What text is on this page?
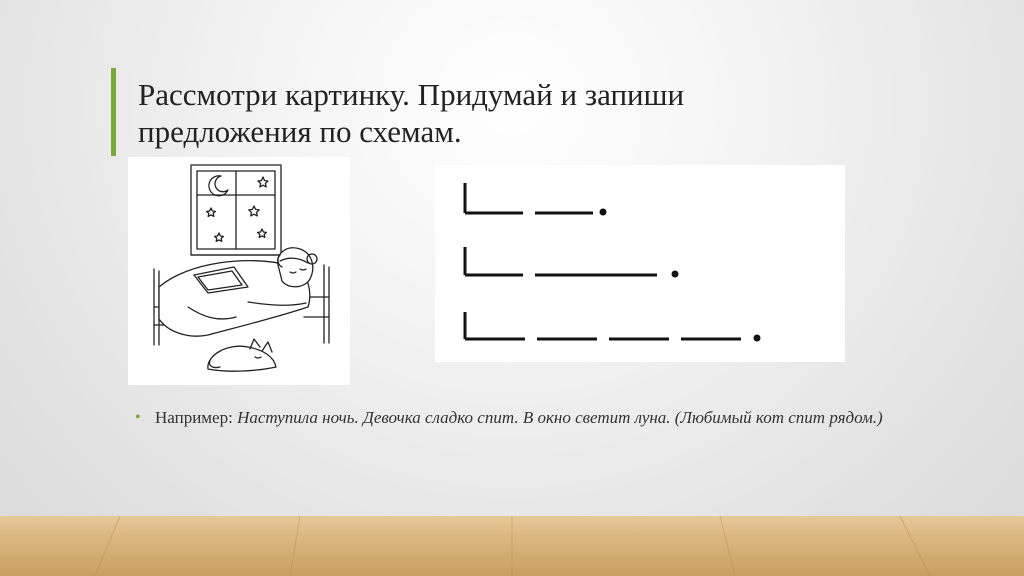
Рассмотри картинку. Придумай и запиши
предложения по схемам.
• Например: Наступила ночь. Девочка сладко спит. В окно светит луна. (Любимый кот спит рядом.)
